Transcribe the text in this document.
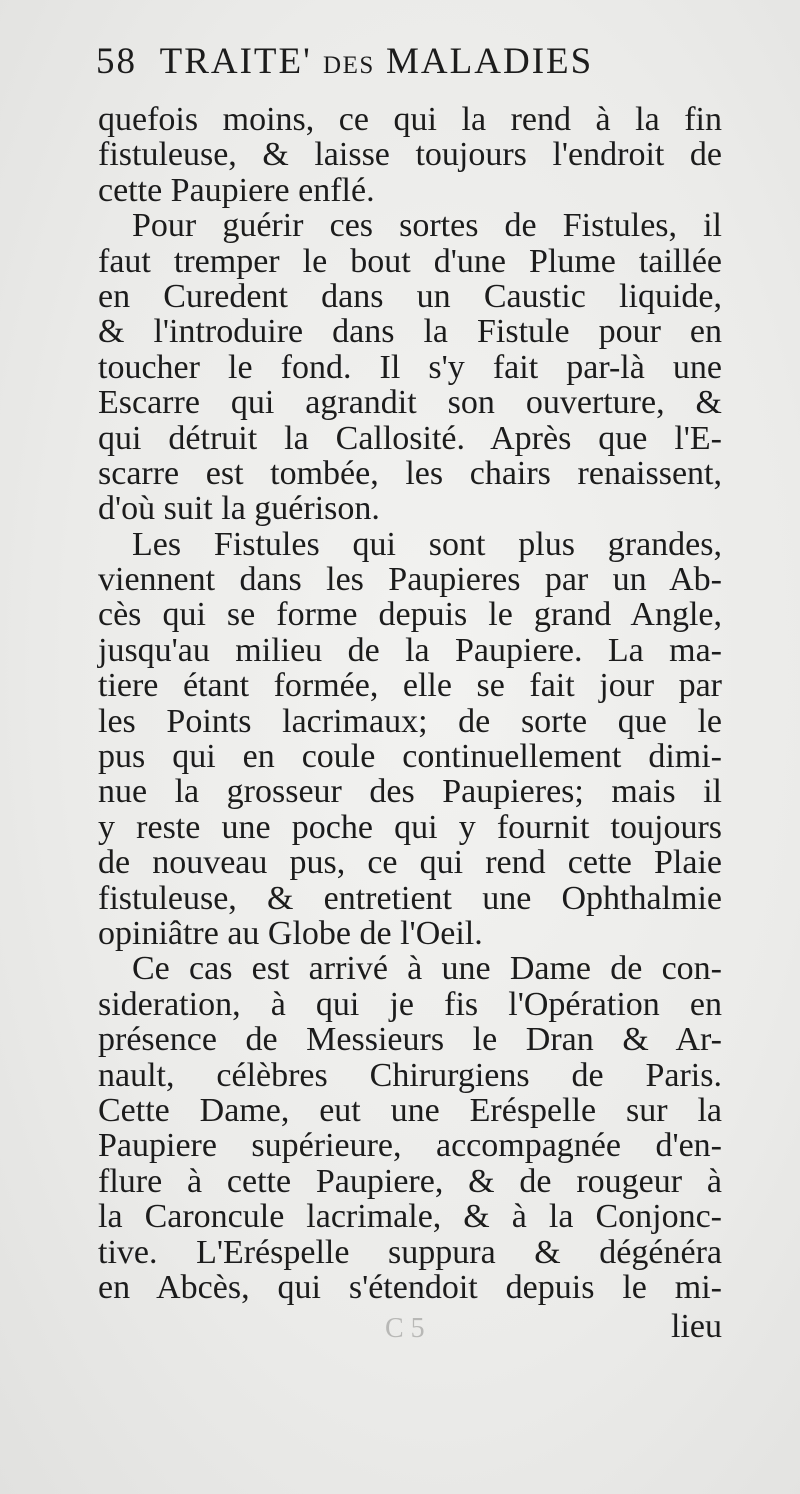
58 TRAITE' DES MALADIES
quefois moins, ce qui la rend à la fin
fistuleuse, & laisse toujours l'endroit de
cette Paupiere enflé.
Pour guérir ces sortes de Fistules, il
faut tremper le bout d'une Plume taillée
en Curedent dans un Caustic liquide,
& l'introduire dans la Fistule pour en
toucher le fond. Il s'y fait par-là une
Escarre qui agrandit son ouverture, &
qui détruit la Callosité. Après que l'E-
scarre est tombée, les chairs renaissent,
d'où suit la guérison.
Les Fistules qui sont plus grandes,
viennent dans les Paupieres par un Ab-
cès qui se forme depuis le grand Angle,
jusqu'au milieu de la Paupiere. La ma-
tiere étant formée, elle se fait jour par
les Points lacrimaux; de sorte que le
pus qui en coule continuellement dimi-
nue la grosseur des Paupieres; mais il
y reste une poche qui y fournit toujours
de nouveau pus, ce qui rend cette Plaie
fistuleuse, & entretient une Ophthalmie
opiniâtre au Globe de l'Oeil.
Ce cas est arrivé à une Dame de con-
sideration, à qui je fis l'Opération en
présence de Messieurs le Dran & Ar-
nault, célèbres Chirurgiens de Paris.
Cette Dame, eut une Eréspelle sur la
Paupiere supérieure, accompagnée d'en-
flure à cette Paupiere, & de rougeur à
la Caroncule lacrimale, & à la Conjonc-
tive. L'Eréspelle suppura & dégénéra
en Abcès, qui s'étendoit depuis le mi-
C 5	lieu
